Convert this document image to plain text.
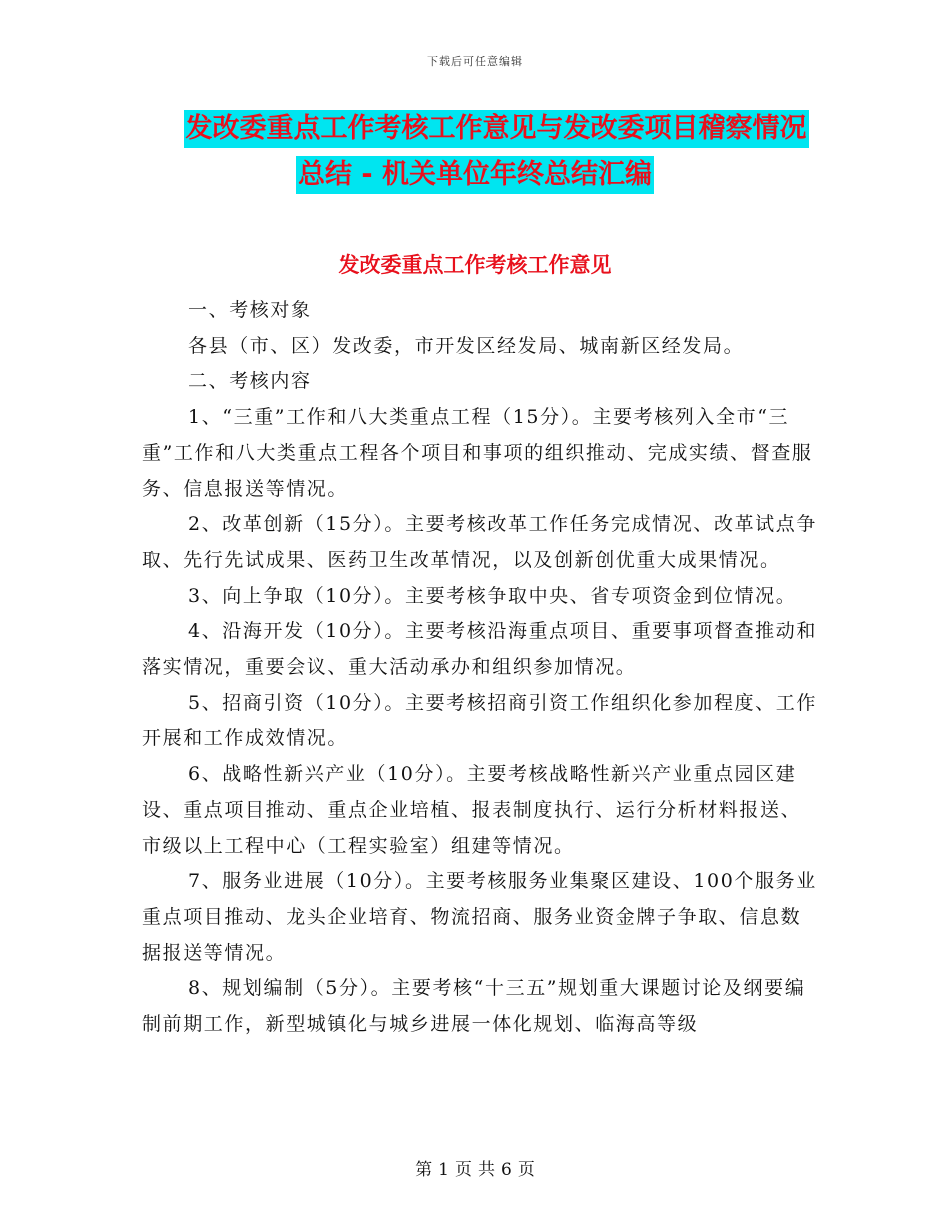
下载后可任意编辑
发改委重点工作考核工作意见与发改委项目稽察情况
总结 - 机关单位年终总结汇编
发改委重点工作考核工作意见

一、考核对象

各县（市、区）发改委，市开发区经发局、城南新区经发局。

二、考核内容

1、“三重”工作和八大类重点工程（15分）。主要考核列入全市“三重”工作和八大类重点工程各个项目和事项的组织推动、完成实绩、督查服务、信息报送等情况。

2、改革创新（15分）。主要考核改革工作任务完成情况、改革试点争取、先行先试成果、医药卫生改革情况，以及创新创优重大成果情况。

3、向上争取（10分）。主要考核争取中央、省专项资金到位情况。

4、沿海开发（10分）。主要考核沿海重点项目、重要事项督查推动和落实情况，重要会议、重大活动承办和组织参加情况。

5、招商引资（10分）。主要考核招商引资工作组织化参加程度、工作开展和工作成效情况。

6、战略性新兴产业（10分）。主要考核战略性新兴产业重点园区建设、重点项目推动、重点企业培植、报表制度执行、运行分析材料报送、市级以上工程中心（工程实验室）组建等情况。

7、服务业进展（10分）。主要考核服务业集聚区建设、100个服务业重点项目推动、龙头企业培育、物流招商、服务业资金牌子争取、信息数据报送等情况。

8、规划编制（5分）。主要考核“十三五”规划重大课题讨论及纲要编制前期工作，新型城镇化与城乡进展一体化规划、临海高等级

第 1 页 共 6 页
